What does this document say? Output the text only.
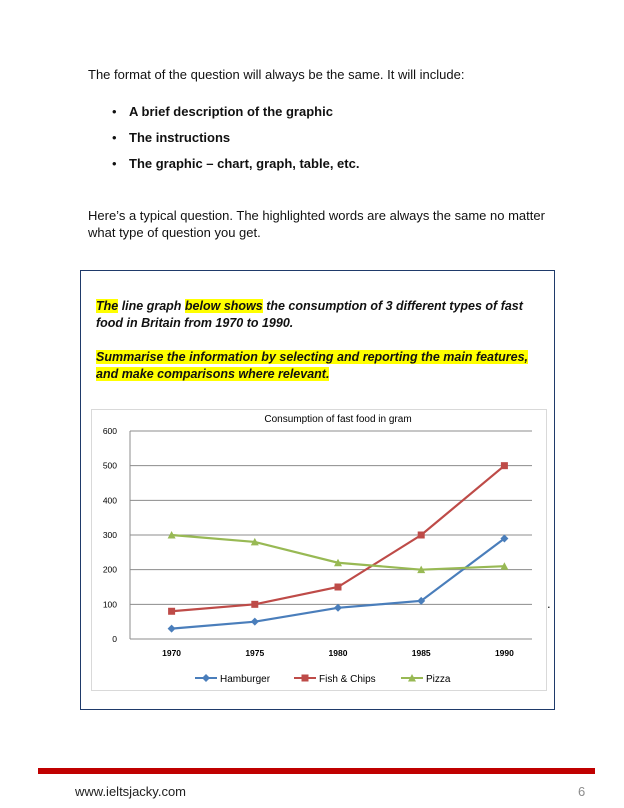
The format of the question will always be the same. It will include:
• A brief description of the graphic
• The instructions
• The graphic – chart, graph, table, etc.
Here’s a typical question. The highlighted words are always the same no matter what type of question you get.
The line graph below shows the consumption of 3 different types of fast food in Britain from 1970 to 1990.
Summarise the information by selecting and reporting the main features, and make comparisons where relevant.
Consumption of fast food in gram
0
100
200
300
400
500
600
1970	1975	1980	1985	1990
Hamburger	Fish & Chips	Pizza
.
www.ieltsjacky.com	6
